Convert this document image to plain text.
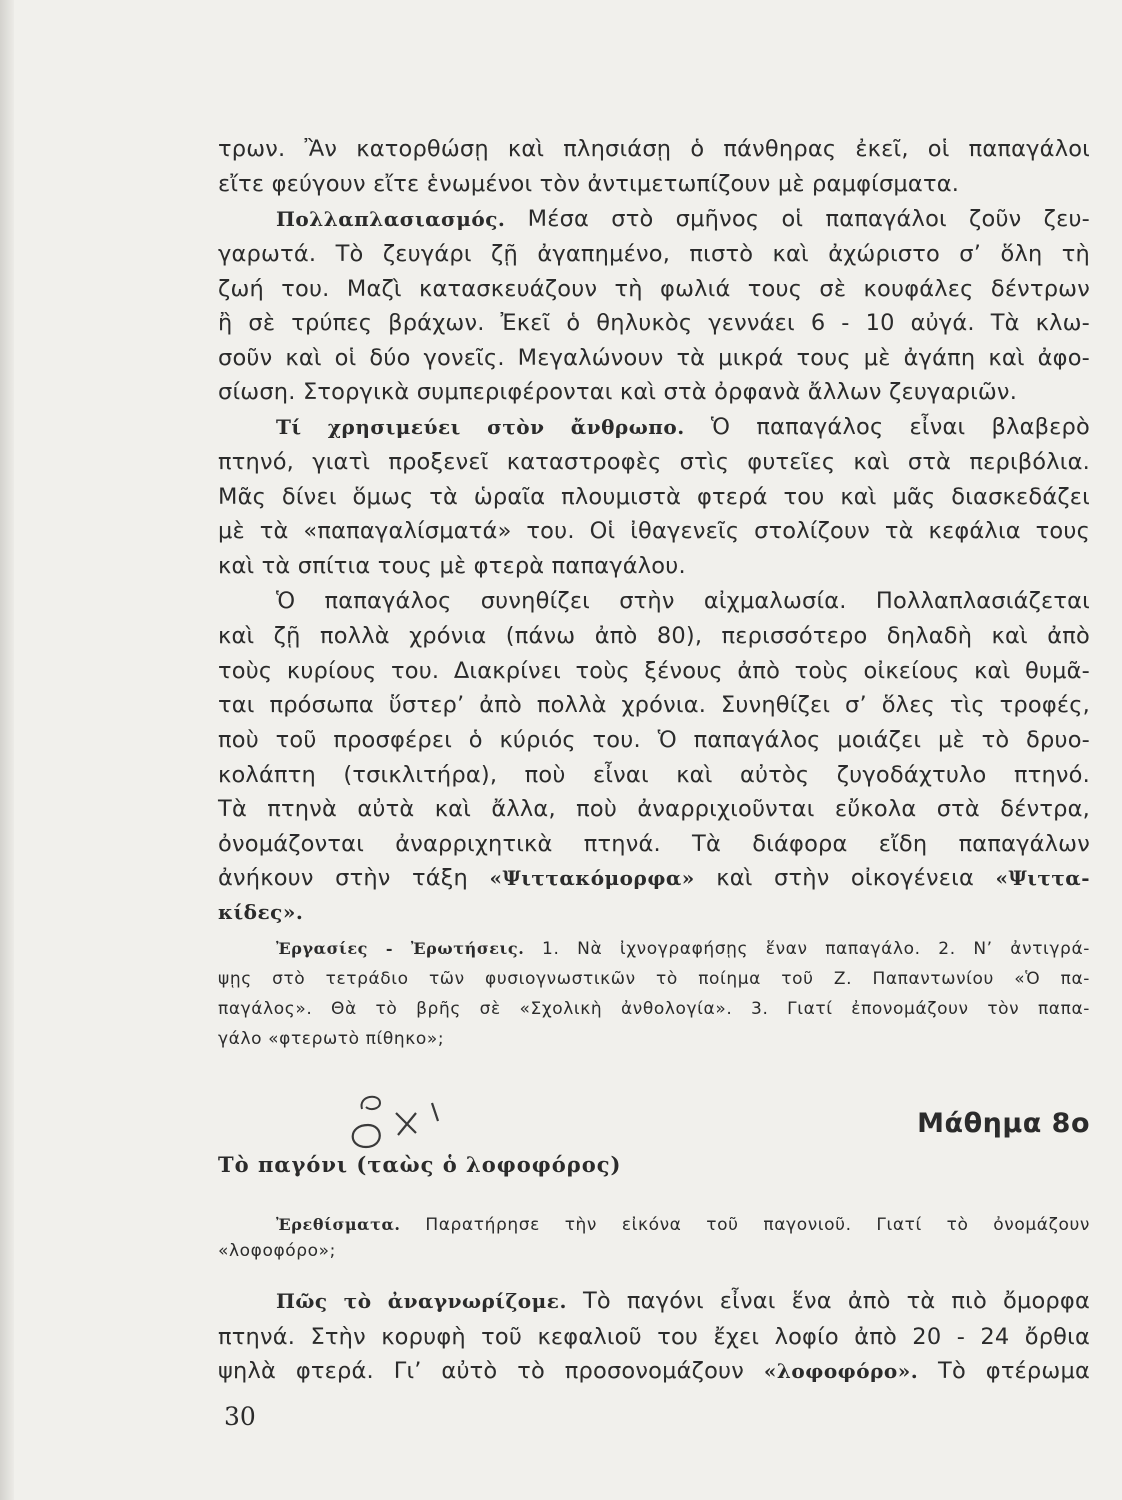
τρων. Ἂν κατορθώσῃ καὶ πλησιάσῃ ὁ πάνθηρας ἐκεῖ, οἱ παπαγάλοι
εἴτε φεύγουν εἴτε ἑνωμένοι τὸν ἀντιμετωπίζουν μὲ ραμφίσματα.
Πολλαπλασιασμός. Μέσα στὸ σμῆνος οἱ παπαγάλοι ζοῦν ζευ-
γαρωτά. Τὸ ζευγάρι ζῇ ἀγαπημένο, πιστὸ καὶ ἀχώριστο σ’ ὅλη τὴ
ζωή του. Μαζὶ κατασκευάζουν τὴ φωλιά τους σὲ κουφάλες δέντρων
ἢ σὲ τρύπες βράχων. Ἐκεῖ ὁ θηλυκὸς γεννάει 6 - 10 αὐγά. Τὰ κλω-
σοῦν καὶ οἱ δύο γονεῖς. Μεγαλώνουν τὰ μικρά τους μὲ ἀγάπη καὶ ἀφο-
σίωση. Στοργικὰ συμπεριφέρονται καὶ στὰ ὀρφανὰ ἄλλων ζευγαριῶν.
Τί χρησιμεύει στὸν ἄνθρωπο. Ὁ παπαγάλος εἶναι βλαβερὸ
πτηνό, γιατὶ προξενεῖ καταστροφὲς στὶς φυτεῖες καὶ στὰ περιβόλια.
Μᾶς δίνει ὅμως τὰ ὡραῖα πλουμιστὰ φτερά του καὶ μᾶς διασκεδάζει
μὲ τὰ «παπαγαλίσματά» του. Οἱ ἰθαγενεῖς στολίζουν τὰ κεφάλια τους
καὶ τὰ σπίτια τους μὲ φτερὰ παπαγάλου.
Ὁ παπαγάλος συνηθίζει στὴν αἰχμαλωσία. Πολλαπλασιάζεται
καὶ ζῇ πολλὰ χρόνια (πάνω ἀπὸ 80), περισσότερο δηλαδὴ καὶ ἀπὸ
τοὺς κυρίους του. Διακρίνει τοὺς ξένους ἀπὸ τοὺς οἰκείους καὶ θυμᾶ-
ται πρόσωπα ὕστερ’ ἀπὸ πολλὰ χρόνια. Συνηθίζει σ’ ὅλες τὶς τροφές,
ποὺ τοῦ προσφέρει ὁ κύριός του. Ὁ παπαγάλος μοιάζει μὲ τὸ δρυο-
κολάπτη (τσικλιτήρα), ποὺ εἶναι καὶ αὐτὸς ζυγοδάχτυλο πτηνό.
Τὰ πτηνὰ αὐτὰ καὶ ἄλλα, ποὺ ἀναρριχιοῦνται εὔκολα στὰ δέντρα,
ὀνομάζονται ἀναρριχητικὰ πτηνά. Τὰ διάφορα εἴδη παπαγάλων
ἀνήκουν στὴν τάξη «Ψιττακόμορφα» καὶ στὴν οἰκογένεια «Ψιττα-
κίδες».
Ἐργασίες - Ἐρωτήσεις. 1. Νὰ ἰχνογραφήσῃς ἕναν παπαγάλο. 2. Ν’ ἀντιγρά-
ψῃς στὸ τετράδιο τῶν φυσιογνωστικῶν τὸ ποίημα τοῦ Ζ. Παπαντωνίου «Ὁ πα-
παγάλος». Θὰ τὸ βρῆς σὲ «Σχολικὴ ἀνθολογία». 3. Γιατί ἐπονομάζουν τὸν παπα-
γάλο «φτερωτὸ πίθηκο»;
Μάθημα 8ο
Τὸ παγόνι (ταὼς ὁ λοφοφόρος)
Ἐρεθίσματα. Παρατήρησε τὴν εἰκόνα τοῦ παγονιοῦ. Γιατί τὸ ὀνομάζουν
«λοφοφόρο»;
Πῶς τὸ ἀναγνωρίζομε. Τὸ παγόνι εἶναι ἕνα ἀπὸ τὰ πιὸ ὄμορφα
πτηνά. Στὴν κορυφὴ τοῦ κεφαλιοῦ του ἔχει λοφίο ἀπὸ 20 - 24 ὄρθια
ψηλὰ φτερά. Γι’ αὐτὸ τὸ προσονομάζουν «λοφοφόρο». Τὸ φτέρωμα
30
